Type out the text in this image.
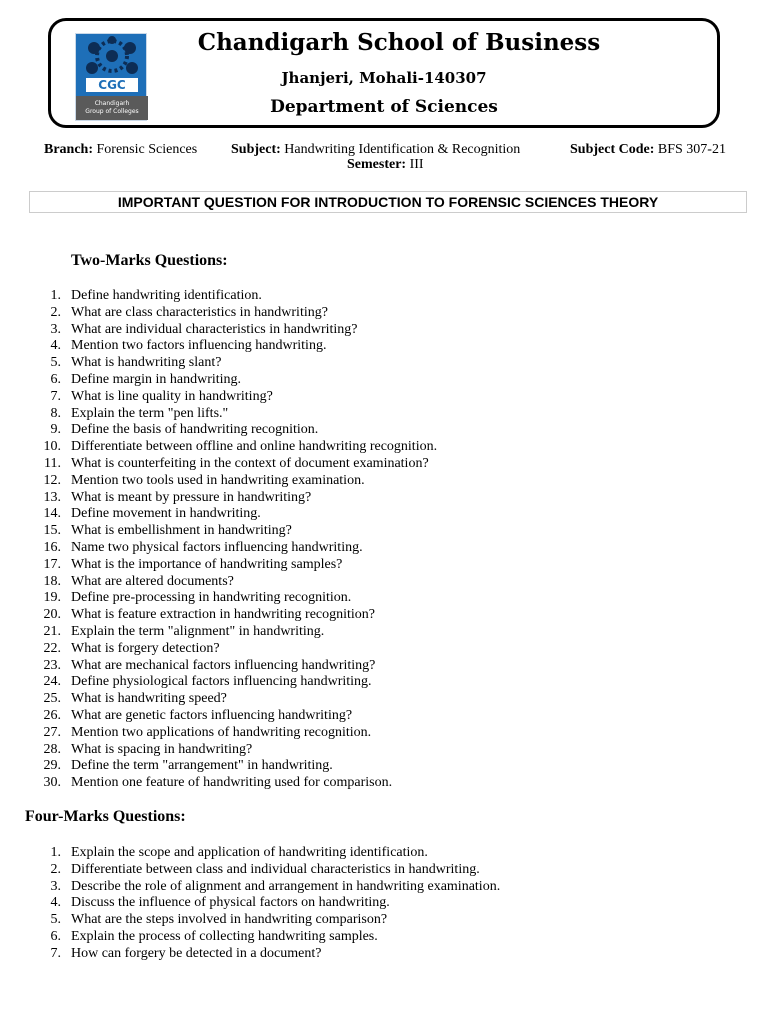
CGC
Chandigarh
Group of Colleges
Chandigarh School of Business
Jhanjeri, Mohali-140307
Department of Sciences
Branch: Forensic Sciences Subject: Handwriting Identification & Recognition	Subject Code: BFS 307-21
Semester: III
IMPORTANT QUESTION FOR INTRODUCTION TO FORENSIC SCIENCES THEORY
Two-Marks Questions:
1. Define handwriting identification.
2. What are class characteristics in handwriting?
3. What are individual characteristics in handwriting?
4. Mention two factors influencing handwriting.
5. What is handwriting slant?
6. Define margin in handwriting.
7. What is line quality in handwriting?
8. Explain the term "pen lifts."
9. Define the basis of handwriting recognition.
10. Differentiate between offline and online handwriting recognition.
11. What is counterfeiting in the context of document examination?
12. Mention two tools used in handwriting examination.
13. What is meant by pressure in handwriting?
14. Define movement in handwriting.
15. What is embellishment in handwriting?
16. Name two physical factors influencing handwriting.
17. What is the importance of handwriting samples?
18. What are altered documents?
19. Define pre-processing in handwriting recognition.
20. What is feature extraction in handwriting recognition?
21. Explain the term "alignment" in handwriting.
22. What is forgery detection?
23. What are mechanical factors influencing handwriting?
24. Define physiological factors influencing handwriting.
25. What is handwriting speed?
26. What are genetic factors influencing handwriting?
27. Mention two applications of handwriting recognition.
28. What is spacing in handwriting?
29. Define the term "arrangement" in handwriting.
30. Mention one feature of handwriting used for comparison.
Four-Marks Questions:
1. Explain the scope and application of handwriting identification.
2. Differentiate between class and individual characteristics in handwriting.
3. Describe the role of alignment and arrangement in handwriting examination.
4. Discuss the influence of physical factors on handwriting.
5. What are the steps involved in handwriting comparison?
6. Explain the process of collecting handwriting samples.
7. How can forgery be detected in a document?
